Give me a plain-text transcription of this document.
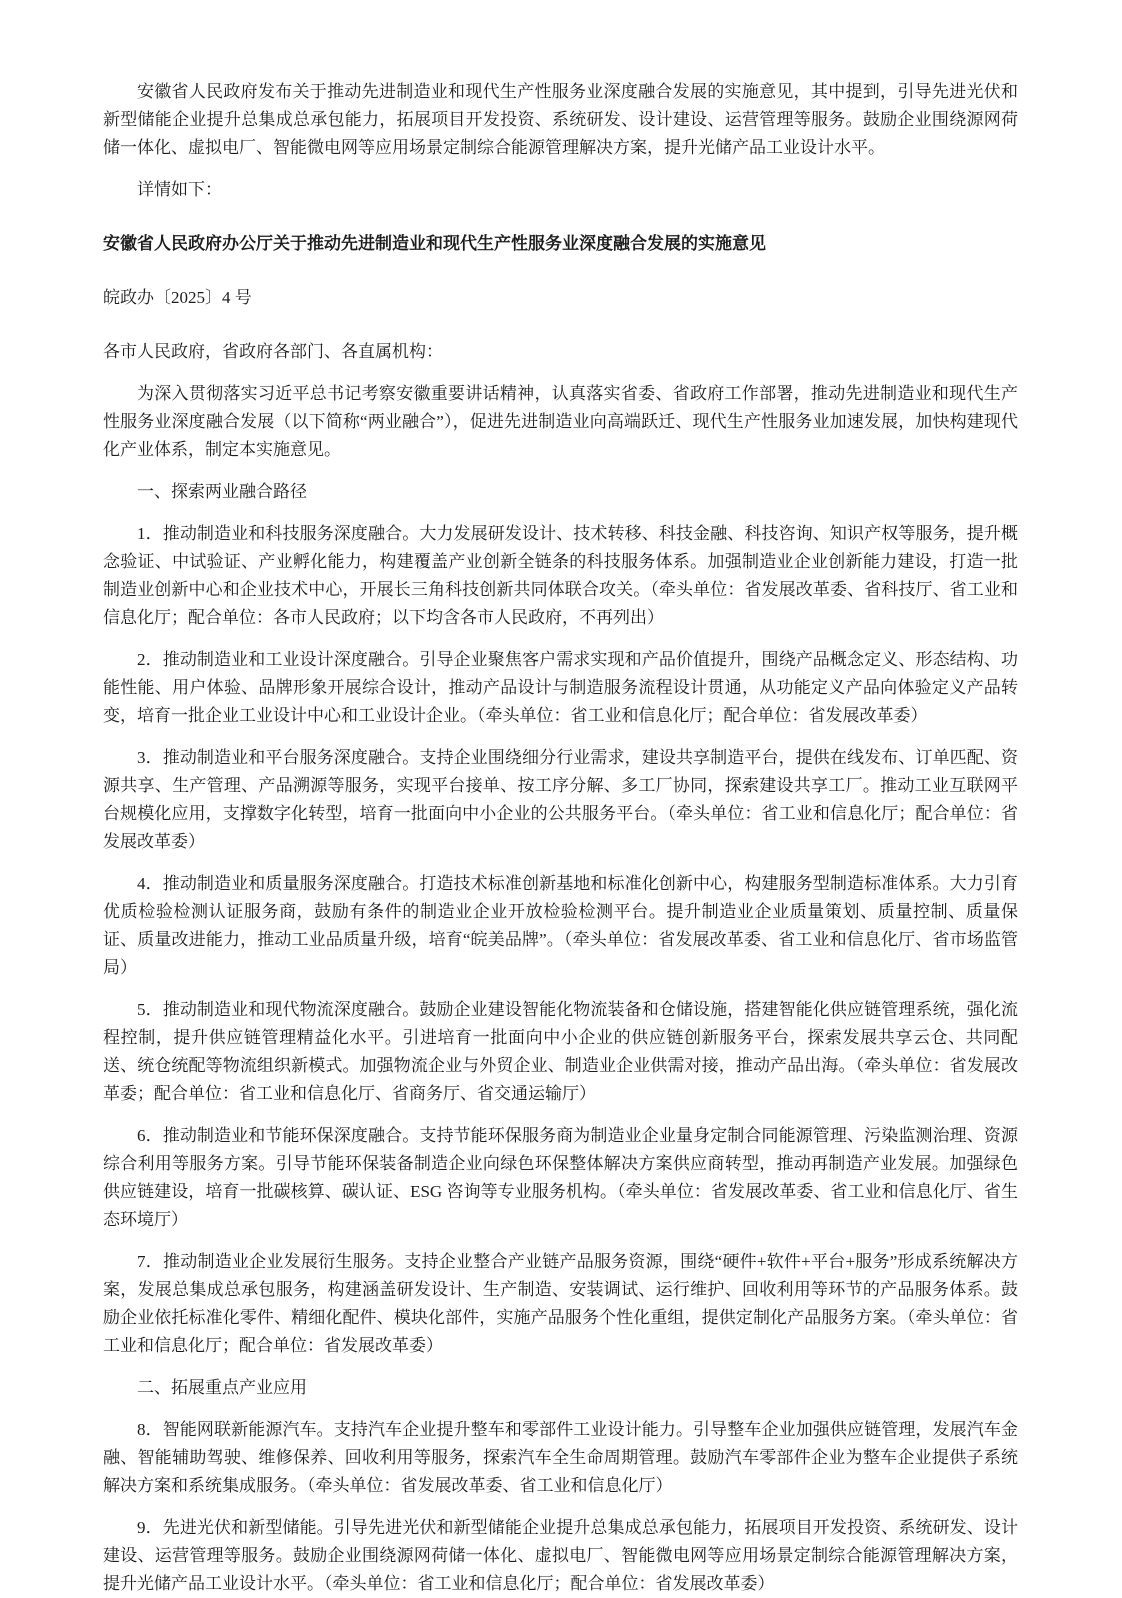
安徽省人民政府发布关于推动先进制造业和现代生产性服务业深度融合发展的实施意见，其中提到，引导先进光伏和新型储能企业提升总集成总承包能力，拓展项目开发投资、系统研发、设计建设、运营管理等服务。鼓励企业围绕源网荷储一体化、虚拟电厂、智能微电网等应用场景定制综合能源管理解决方案，提升光储产品工业设计水平。

详情如下：

安徽省人民政府办公厅关于推动先进制造业和现代生产性服务业深度融合发展的实施意见

皖政办〔2025〕4 号

各市人民政府，省政府各部门、各直属机构：

为深入贯彻落实习近平总书记考察安徽重要讲话精神，认真落实省委、省政府工作部署，推动先进制造业和现代生产性服务业深度融合发展（以下简称“两业融合”），促进先进制造业向高端跃迁、现代生产性服务业加速发展，加快构建现代化产业体系，制定本实施意见。

一、探索两业融合路径

1．推动制造业和科技服务深度融合。大力发展研发设计、技术转移、科技金融、科技咨询、知识产权等服务，提升概念验证、中试验证、产业孵化能力，构建覆盖产业创新全链条的科技服务体系。加强制造业企业创新能力建设，打造一批制造业创新中心和企业技术中心，开展长三角科技创新共同体联合攻关。（牵头单位：省发展改革委、省科技厅、省工业和信息化厅；配合单位：各市人民政府；以下均含各市人民政府，不再列出）

2．推动制造业和工业设计深度融合。引导企业聚焦客户需求实现和产品价值提升，围绕产品概念定义、形态结构、功能性能、用户体验、品牌形象开展综合设计，推动产品设计与制造服务流程设计贯通，从功能定义产品向体验定义产品转变，培育一批企业工业设计中心和工业设计企业。（牵头单位：省工业和信息化厅；配合单位：省发展改革委）

3．推动制造业和平台服务深度融合。支持企业围绕细分行业需求，建设共享制造平台，提供在线发布、订单匹配、资源共享、生产管理、产品溯源等服务，实现平台接单、按工序分解、多工厂协同，探索建设共享工厂。推动工业互联网平台规模化应用，支撑数字化转型，培育一批面向中小企业的公共服务平台。（牵头单位：省工业和信息化厅；配合单位：省发展改革委）

4．推动制造业和质量服务深度融合。打造技术标准创新基地和标准化创新中心，构建服务型制造标准体系。大力引育优质检验检测认证服务商，鼓励有条件的制造业企业开放检验检测平台。提升制造业企业质量策划、质量控制、质量保证、质量改进能力，推动工业品质量升级，培育“皖美品牌”。（牵头单位：省发展改革委、省工业和信息化厅、省市场监管局）

5．推动制造业和现代物流深度融合。鼓励企业建设智能化物流装备和仓储设施，搭建智能化供应链管理系统，强化流程控制，提升供应链管理精益化水平。引进培育一批面向中小企业的供应链创新服务平台，探索发展共享云仓、共同配送、统仓统配等物流组织新模式。加强物流企业与外贸企业、制造业企业供需对接，推动产品出海。（牵头单位：省发展改革委；配合单位：省工业和信息化厅、省商务厅、省交通运输厅）

6．推动制造业和节能环保深度融合。支持节能环保服务商为制造业企业量身定制合同能源管理、污染监测治理、资源综合利用等服务方案。引导节能环保装备制造企业向绿色环保整体解决方案供应商转型，推动再制造产业发展。加强绿色供应链建设，培育一批碳核算、碳认证、ESG 咨询等专业服务机构。（牵头单位：省发展改革委、省工业和信息化厅、省生态环境厅）

7．推动制造业企业发展衍生服务。支持企业整合产业链产品服务资源，围绕“硬件+软件+平台+服务”形成系统解决方案，发展总集成总承包服务，构建涵盖研发设计、生产制造、安装调试、运行维护、回收利用等环节的产品服务体系。鼓励企业依托标准化零件、精细化配件、模块化部件，实施产品服务个性化重组，提供定制化产品服务方案。（牵头单位：省工业和信息化厅；配合单位：省发展改革委）

二、拓展重点产业应用

8．智能网联新能源汽车。支持汽车企业提升整车和零部件工业设计能力。引导整车企业加强供应链管理，发展汽车金融、智能辅助驾驶、维修保养、回收利用等服务，探索汽车全生命周期管理。鼓励汽车零部件企业为整车企业提供子系统解决方案和系统集成服务。（牵头单位：省发展改革委、省工业和信息化厅）

9．先进光伏和新型储能。引导先进光伏和新型储能企业提升总集成总承包能力，拓展项目开发投资、系统研发、设计建设、运营管理等服务。鼓励企业围绕源网荷储一体化、虚拟电厂、智能微电网等应用场景定制综合能源管理解决方案，提升光储产品工业设计水平。（牵头单位：省工业和信息化厅；配合单位：省发展改革委）
